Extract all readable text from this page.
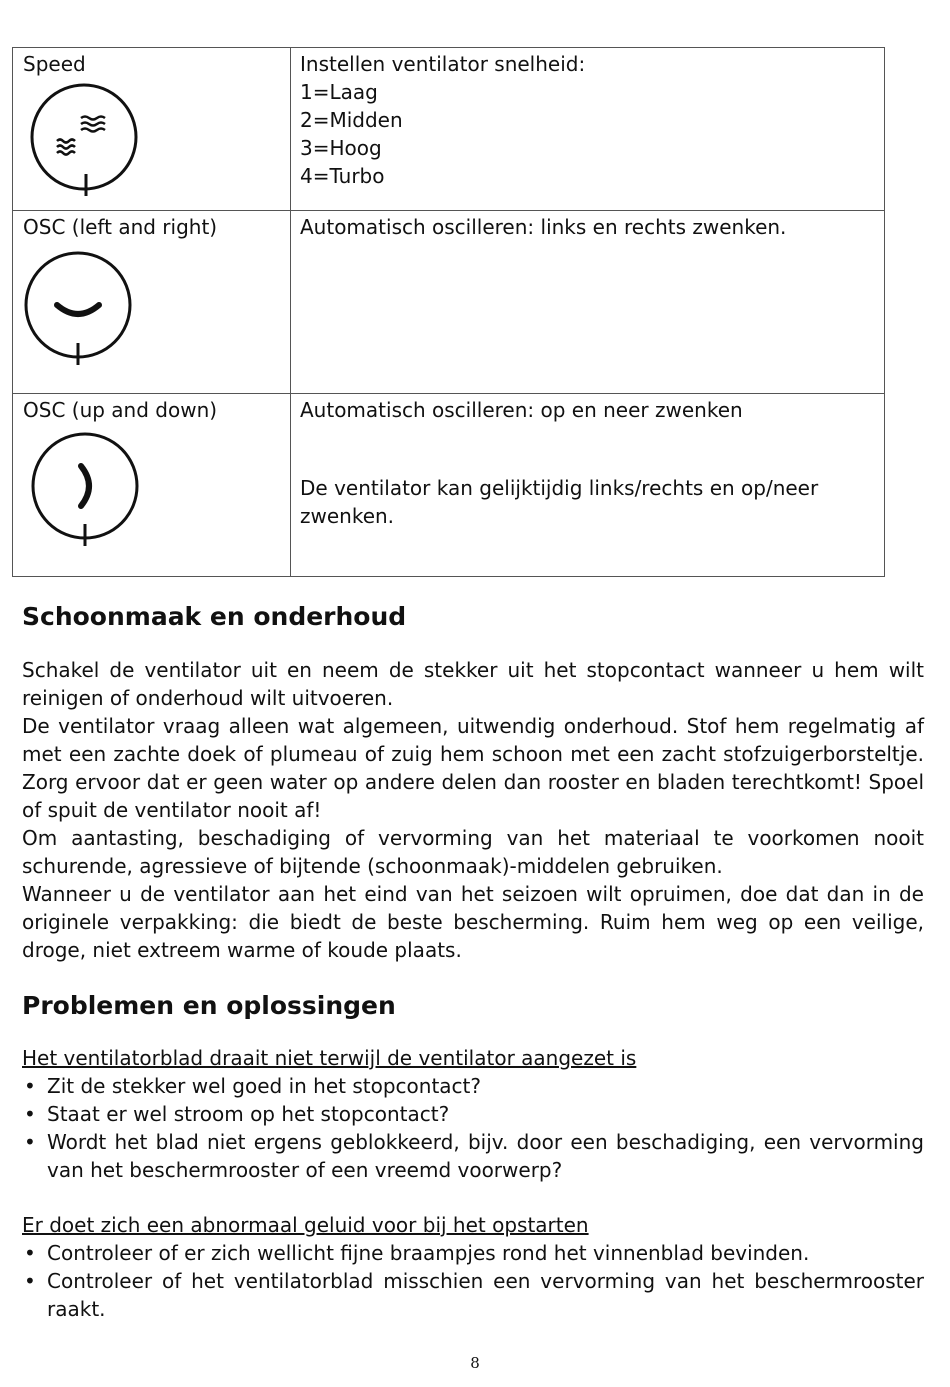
Speed	Instellen ventilator snelheid:
1=Laag
2=Midden
3=Hoog
4=Turbo

OSC (left and right)	Automatisch oscilleren: links en rechts zwenken.

OSC (up and down)	Automatisch oscilleren: op en neer zwenken
De ventilator kan gelijktijdig links/rechts en op/neer zwenken.
Schoonmaak en onderhoud

Schakel de ventilator uit en neem de stekker uit het stopcontact wanneer u hem wilt reinigen of onderhoud wilt uitvoeren.

De ventilator vraag alleen wat algemeen, uitwendig onderhoud. Stof hem regelmatig af met een zachte doek of plumeau of zuig hem schoon met een zacht stofzuigerborsteltje. Zorg ervoor dat er geen water op andere delen dan rooster en bladen terechtkomt! Spoel of spuit de ventilator nooit af!

Om aantasting, beschadiging of vervorming van het materiaal te voorkomen nooit schurende, agressieve of bijtende (schoonmaak)-middelen gebruiken.

Wanneer u de ventilator aan het eind van het seizoen wilt opruimen, doe dat dan in de originele verpakking: die biedt de beste bescherming. Ruim hem weg op een veilige, droge, niet extreem warme of koude plaats.

Problemen en oplossingen
Het ventilatorblad draait niet terwijl de ventilator aangezet is
• Zit de stekker wel goed in het stopcontact?
• Staat er wel stroom op het stopcontact?
• Wordt het blad niet ergens geblokkeerd, bijv. door een beschadiging, een vervorming van het beschermrooster of een vreemd voorwerp?
Er doet zich een abnormaal geluid voor bij het opstarten
• Controleer of er zich wellicht fijne braampjes rond het vinnenblad bevinden.
• Controleer of het ventilatorblad misschien een vervorming van het beschermrooster raakt.
8
